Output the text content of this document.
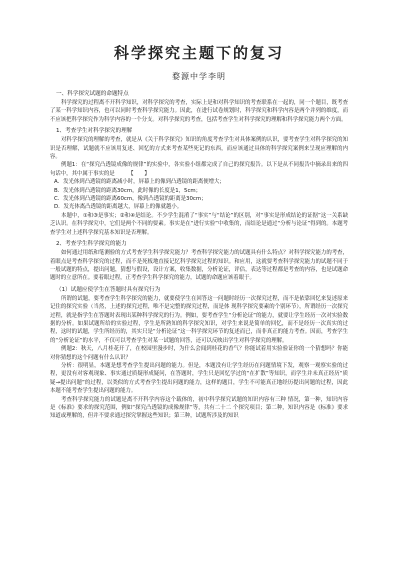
科学探究主题下的复习
婺源中学李明
一、科学探究试题的命题特点

科学探究的过程离不开科学知识，对科学探究的考查，实际上是和对科学知识的考查联系在一起的，同一个题目，既考查了某一科学知识内容，也可以同时考查科学探究能力。因此，在进行试卷规划时，科学探究和科学内容是两个并列的维度，而不应该把科学探究作为科学内容的一个分支。对科学探究的考查，包括考查学生对科学探究的理解和科学探究能力两个方面。

1、考查学生对科学探究的理解

对科学探究的理解的考查，就是从《关于科学探究》知识的角度考查学生对具体案例的认识，要考查学生对科学探究的知识是否理解，试题就不应该用复述、回忆的方式来考查某些死记的东西，而应该通过具体的科学探究案例来呈现应理解的内容。

例题1：在“探究凸透镜成像的规律”的实验中，各实验小组都完成了自己的探究报告。以下是从不同报告中摘录出来的四句话中，其中属于事实的是　　　【　　】

A．发光体到凸透镜的距离减小时，屏幕上的像到凸透镜的距离便增大；
B．发光体到凸透镜的距离30cm，此时像的长度是1，5cm；
C．发光体到凸透镜的距离60cm，像到凸透镜的距离是30cm；
D．发光体离凸透镜的距离越大，屏幕上的像就越小。

本题中，①和③是事实；②和④是结论。不少学生混淆了“事实”与“结论”的区别，对“事实是形成结论的证据”这一关系缺乏认识。在科学探究中，它们是两个不同的要素。事实是在“进行实验”中收集的，而结论是通过“分析与论证”得到的。本题考查学生对上述科学探究基本知识是否理解。

2、考查学生科学探究的能力

如何通过用纸和笔测验的方式考查学生科学探究能力？考查科学探究能力的试题具有什么特点？对科学探究能力的考查，着眼点是考查科学探究的过程，而不是死板地直接记忆科学探究过程的知识。和应用，这就要考查科学探究能力的试题不同于一般试题的特点，提出问题，猜想与假设，设计方案，收集数据，分析论证，评估，表达等过程都是考查的内容，也是试题命题时的立意所在。要着眼过程，正考查学生科学探究的能力，试题的命题应该着眼于。

（1）试题应使学生在答题时具有探究行为

所谓的试题，要考查学生科学探究的能力，就要使学生在回答这一问题时经历一次探究过程，而不是依靠回忆来复述原来记住的探究实验（当然，上述的探究过程，唯不是完整的探究过程，而是体 现科学探究要素的个别环节），所谓经历一次探究过程，就是指学生在答题时表现出某种科学探究的行为。例如，要考查学生“分析论证”的能力，就要让学生经历一次对实验数据的分析。如果试题所给的实验过程，学生是所熟知的科学探究知识，对学生来说是简单的回忆，而不是经历一次真实的过程，这时的试题，学生所经历的，其实只是“分析论证”这一科学探究环节的复述而已，而非真正的能力考查。因而，考查学生的“分析论证”的水平，不仅可以考查学生对某一试题的回答，还可以反映出学生对科学探究的理解。

例题2：秋天，八月桂花开了，在校园里漫步时，为什么会闻到桂花的香气？你能试着用实验验证你的一个猜想吗？你能对你猜想的这个问题有什么认识？

分析：很明显，本题是想考查学生提出问题的能力。但是，本题没有让学生经历在问题情境下发，观察一观察实验的过程，更没有对客观现象、事实通过质疑形成疑问，在答题时，学生只是回忆学过的“在扩散”等知识，而学生并未真正经历“质疑→提出问题”的过程，以类似的方式考查学生提出问题的能力，这样的题目，学生不可能真正地经历提出问题的过程，因此本题不能考查学生提出问题的能力。

考查科学探究能力的试题是离不开科学内容这个载体的，初中科学探究试题的知识内容有三种 情况，第一种，知识内容是《标准》要求的探究范围，例如“探究凸透镜的成像规律”等，共有二十二 个探究项目；第二种，知识内容是《标准》要求知道或理解的，但并不要求通过探究掌握这些知识；第三种，试题所涉及的知识
